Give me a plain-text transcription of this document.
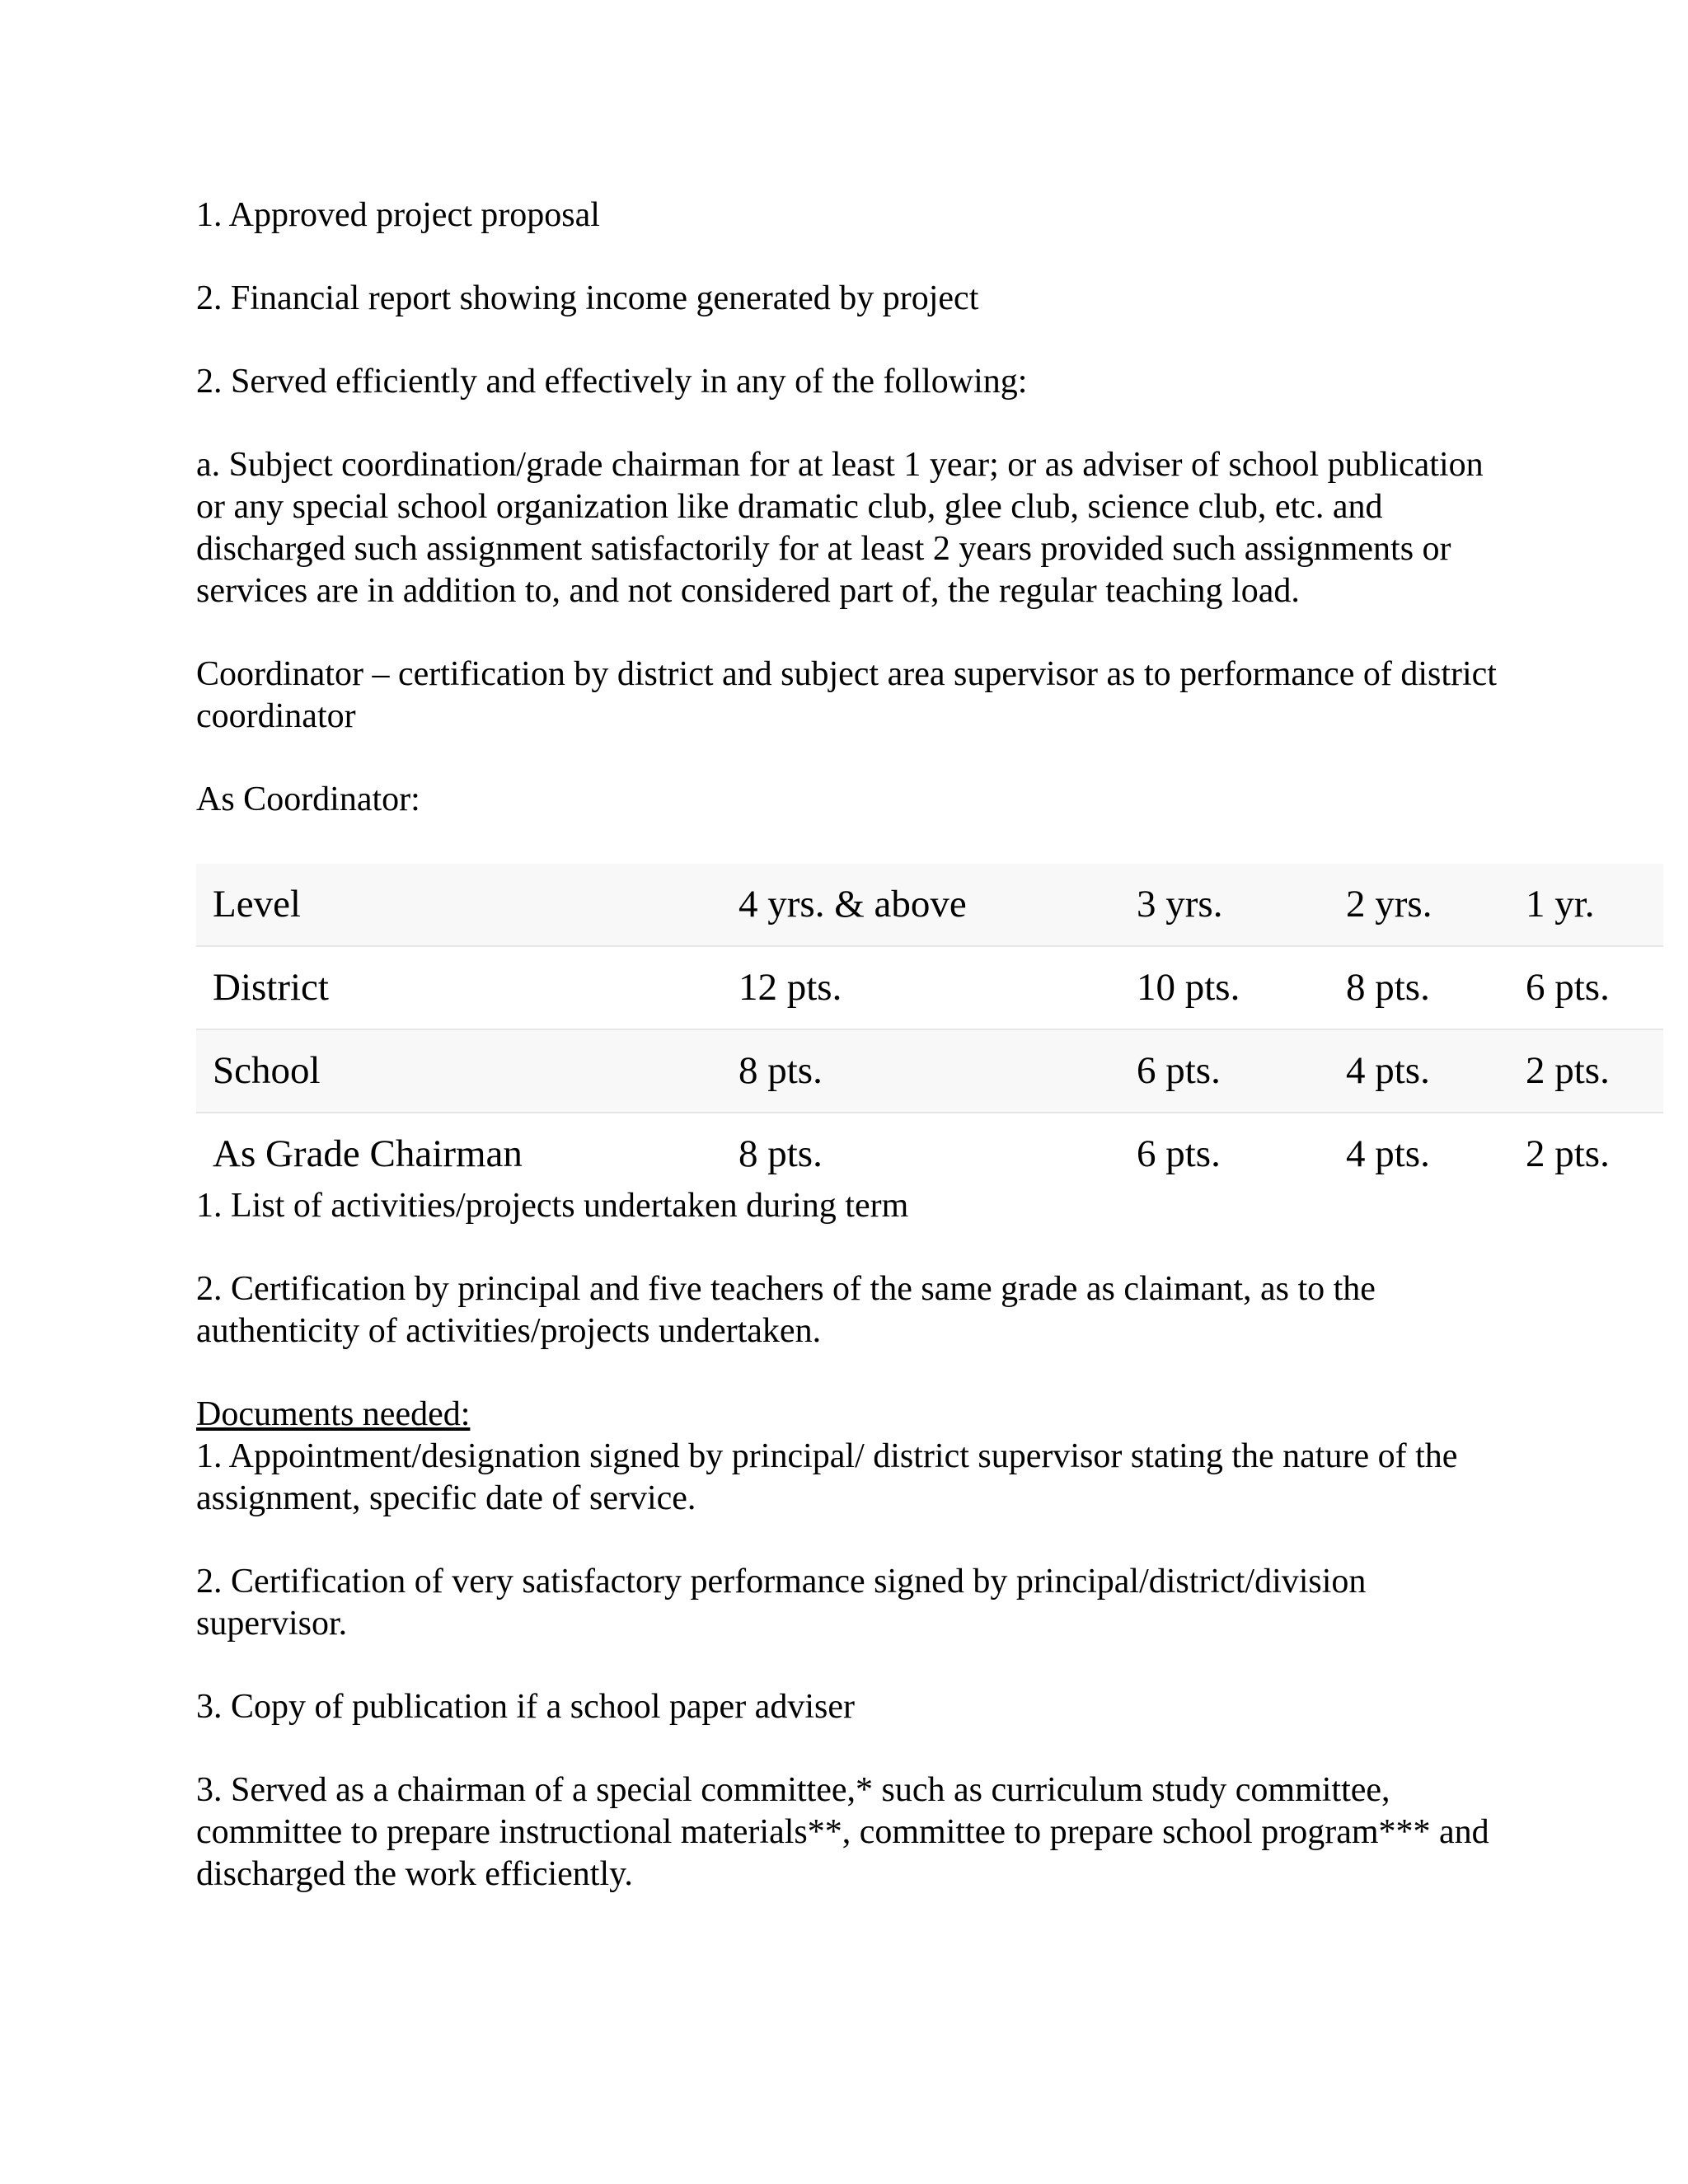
1. Approved project proposal

2. Financial report showing income generated by project

2. Served efficiently and effectively in any of the following:

a. Subject coordination/grade chairman for at least 1 year; or as adviser of school publication or any special school organization like dramatic club, glee club, science club, etc. and discharged such assignment satisfactorily for at least 2 years provided such assignments or services are in addition to, and not considered part of, the regular teaching load.

Coordinator – certification by district and subject area supervisor as to performance of district coordinator

As Coordinator:

Level	4 yrs. & above	3 yrs.	2 yrs.	1 yr.
District	12 pts.	10 pts.	8 pts.	6 pts.
School	8 pts.	6 pts.	4 pts.	2 pts.
As Grade Chairman	8 pts.	6 pts.	4 pts.	2 pts.

1. List of activities/projects undertaken during term

2. Certification by principal and five teachers of the same grade as claimant, as to the authenticity of activities/projects undertaken.

Documents needed:

1. Appointment/designation signed by principal/ district supervisor stating the nature of the assignment, specific date of service.

2. Certification of very satisfactory performance signed by principal/district/division supervisor.

3. Copy of publication if a school paper adviser

3. Served as a chairman of a special committee,* such as curriculum study committee, committee to prepare instructional materials**, committee to prepare school program*** and discharged the work efficiently.
